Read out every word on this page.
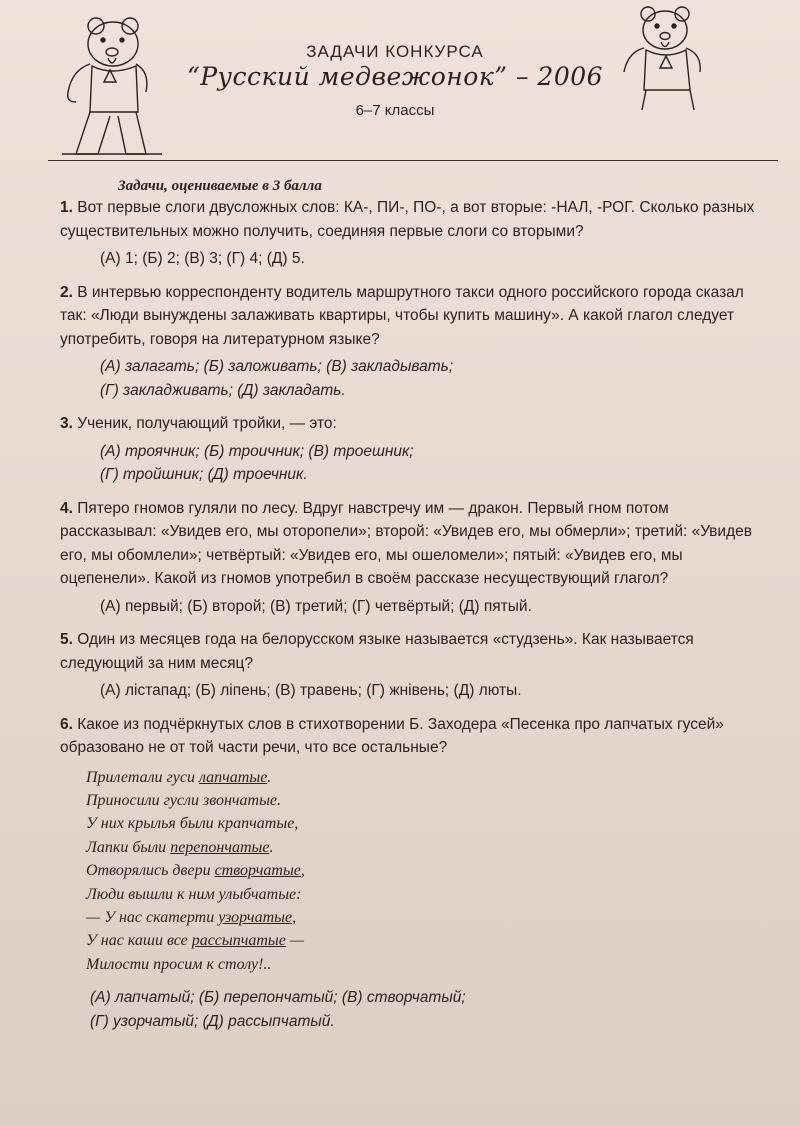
ЗАДАЧИ КОНКУРСА
“Русский медвежонок” – 2006
6–7 классы
Задачи, оцениваемые в 3 балла

1. Вот первые слоги двусложных слов: КА-, ПИ-, ПО-, а вот вторые: -НАЛ, -РОГ. Сколько разных существительных можно получить, соединяя первые слоги со вторыми?

(А) 1; (Б) 2; (В) 3; (Г) 4; (Д) 5.

2. В интервью корреспонденту водитель маршрутного такси одного российского города сказал так: «Люди вынуждены залаживать квартиры, чтобы купить машину». А какой глагол следует употребить, говоря на литературном языке?

(А) залагать; (Б) заложивать; (В) закладывать;
(Г) закладживать; (Д) закладать.

3. Ученик, получающий тройки, — это:

(А) троячник; (Б) троичник; (В) троешник;
(Г) тройшник; (Д) троечник.

4. Пятеро гномов гуляли по лесу. Вдруг навстречу им — дракон. Первый гном потом рассказывал: «Увидев его, мы оторопели»; второй: «Увидев его, мы обмерли»; третий: «Увидев его, мы обомлели»; четвёртый: «Увидев его, мы ошеломели»; пятый: «Увидев его, мы оцепенели». Какой из гномов употребил в своём рассказе несуществующий глагол?

(А) первый; (Б) второй; (В) третий; (Г) четвёртый; (Д) пятый.

5. Один из месяцев года на белорусском языке называется «студзень». Как называется следующий за ним месяц?

(А) лістапад; (Б) ліпень; (В) травень; (Г) жнівень; (Д) люты.

6. Какое из подчёркнутых слов в стихотворении Б. Заходера «Песенка про лапчатых гусей» образовано не от той части речи, что все остальные?

Прилетали гуси лапчатые.
Приносили гусли звончатые.
У них крылья были крапчатые,
Лапки были перепончатые.
Отворялись двери створчатые,
Люди вышли к ним улыбчатые:
— У нас скатерти узорчатые,
У нас каши все рассыпчатые —
Милости просим к столу!..
(А) лапчатый; (Б) перепончатый; (В) створчатый;
(Г) узорчатый; (Д) рассыпчатый.
